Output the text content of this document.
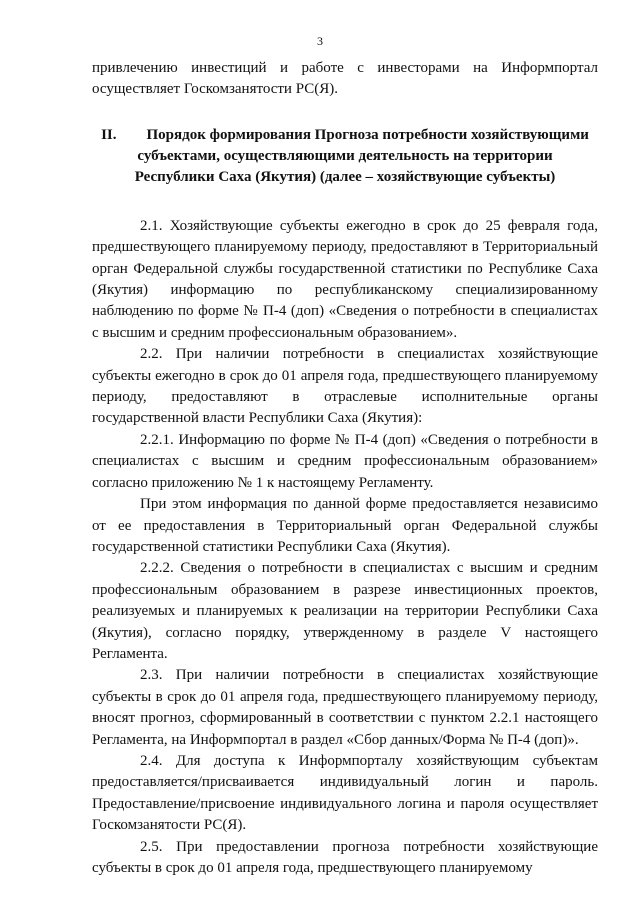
3

привлечению инвестиций и работе с инвесторами на Информпортал осуществляет Госкомзанятости РС(Я).

II. Порядок формирования Прогноза потребности хозяйствующими субъектами, осуществляющими деятельность на территории Республики Саха (Якутия) (далее – хозяйствующие субъекты)

2.1. Хозяйствующие субъекты ежегодно в срок до 25 февраля года, предшествующего планируемому периоду, предоставляют в Территориальный орган Федеральной службы государственной статистики по Республике Саха (Якутия) информацию по республиканскому специализированному наблюдению по форме № П-4 (доп) «Сведения о потребности в специалистах с высшим и средним профессиональным образованием».

2.2. При наличии потребности в специалистах хозяйствующие субъекты ежегодно в срок до 01 апреля года, предшествующего планируемому периоду, предоставляют в отраслевые исполнительные органы государственной власти Республики Саха (Якутия):

2.2.1. Информацию по форме № П-4 (доп) «Сведения о потребности в специалистах с высшим и средним профессиональным образованием» согласно приложению № 1 к настоящему Регламенту.

При этом информация по данной форме предоставляется независимо от ее предоставления в Территориальный орган Федеральной службы государственной статистики Республики Саха (Якутия).

2.2.2. Сведения о потребности в специалистах с высшим и средним профессиональным образованием в разрезе инвестиционных проектов, реализуемых и планируемых к реализации на территории Республики Саха (Якутия), согласно порядку, утвержденному в разделе V настоящего Регламента.

2.3. При наличии потребности в специалистах хозяйствующие субъекты в срок до 01 апреля года, предшествующего планируемому периоду, вносят прогноз, сформированный в соответствии с пунктом 2.2.1 настоящего Регламента, на Информпортал в раздел «Сбор данных/Форма № П-4 (доп)».

2.4. Для доступа к Информпорталу хозяйствующим субъектам предоставляется/присваивается индивидуальный логин и пароль. Предоставление/присвоение индивидуального логина и пароля осуществляет Госкомзанятости РС(Я).

2.5. При предоставлении прогноза потребности хозяйствующие субъекты в срок до 01 апреля года, предшествующего планируемому
